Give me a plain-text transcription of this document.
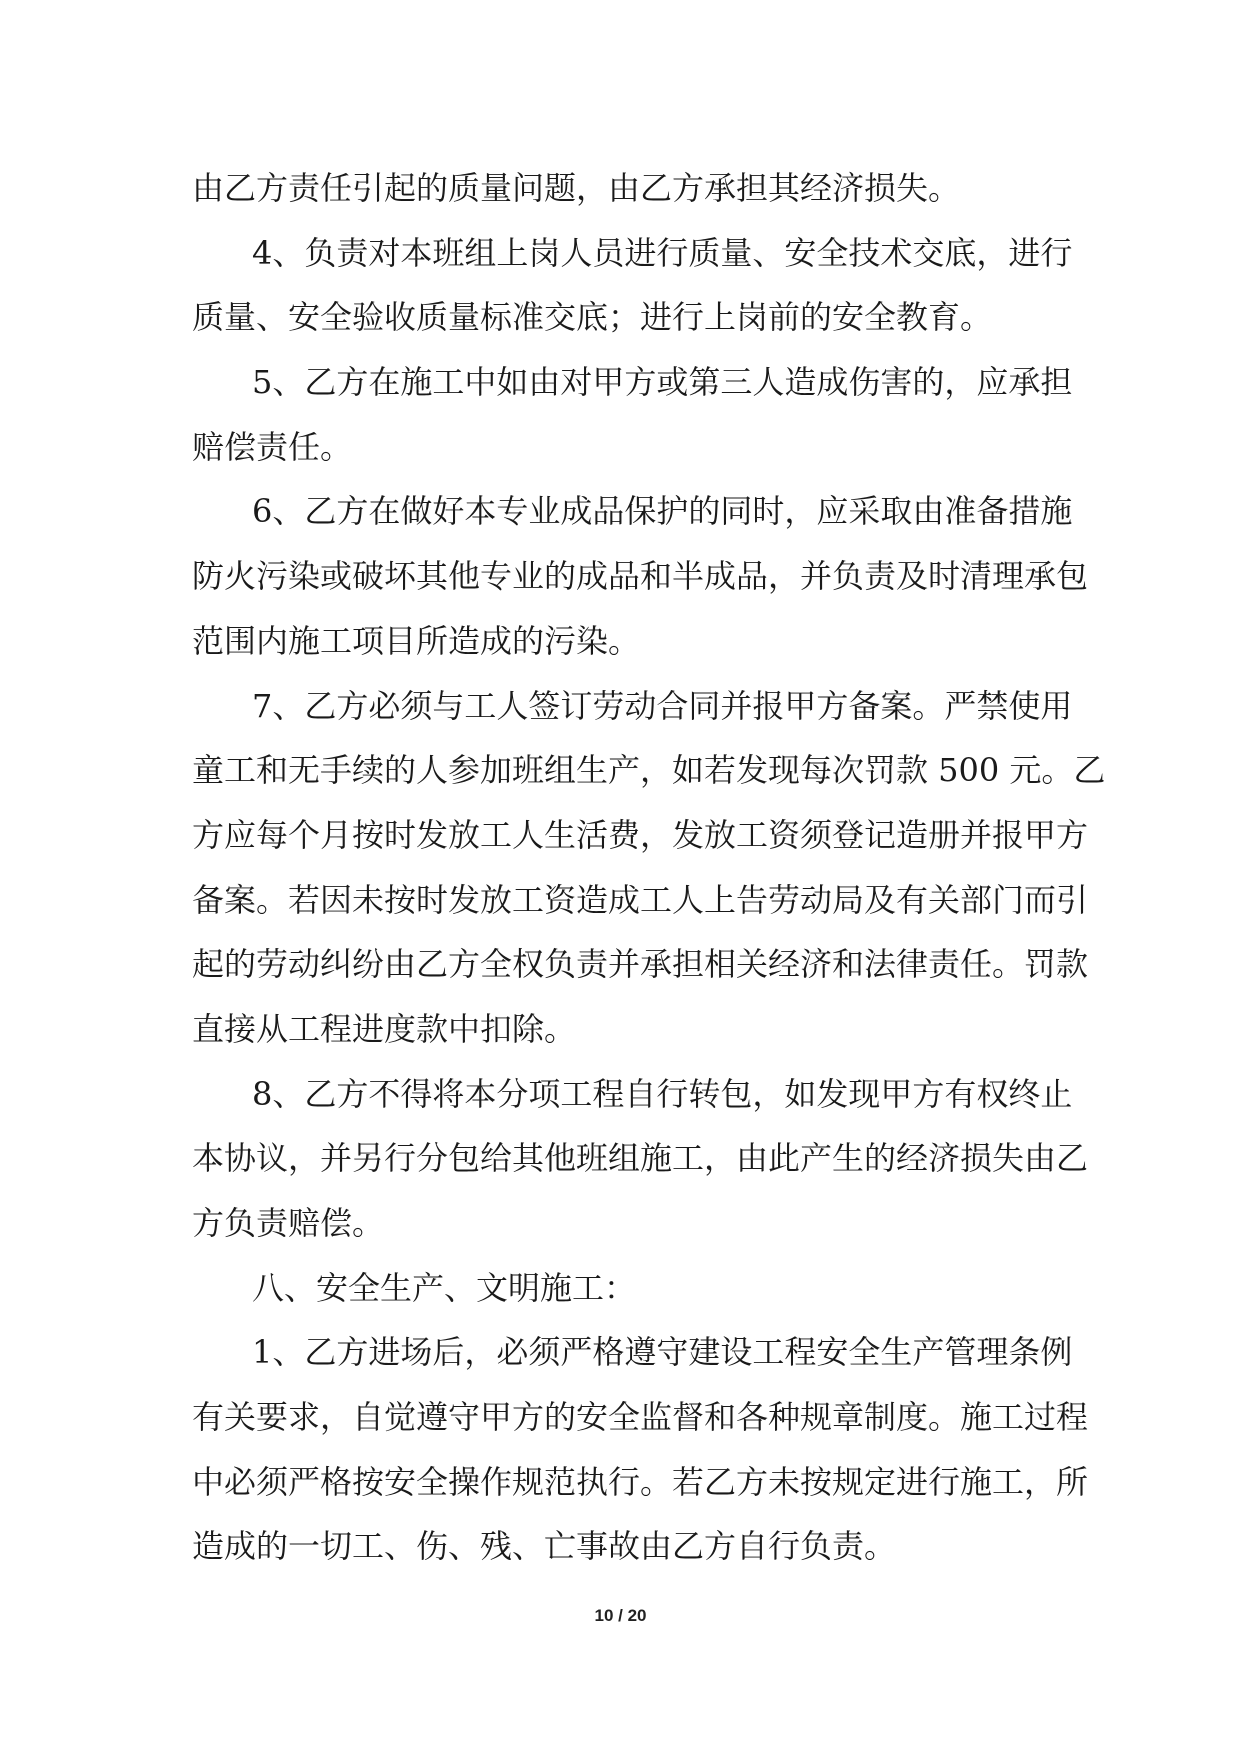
由乙方责任引起的质量问题，由乙方承担其经济损失。
4、负责对本班组上岗人员进行质量、安全技术交底，进行
质量、安全验收质量标准交底；进行上岗前的安全教育。
5、乙方在施工中如由对甲方或第三人造成伤害的，应承担
赔偿责任。
6、乙方在做好本专业成品保护的同时，应采取由准备措施
防火污染或破坏其他专业的成品和半成品，并负责及时清理承包
范围内施工项目所造成的污染。
7、乙方必须与工人签订劳动合同并报甲方备案。严禁使用
童工和无手续的人参加班组生产，如若发现每次罚款 500 元。乙
方应每个月按时发放工人生活费，发放工资须登记造册并报甲方
备案。若因未按时发放工资造成工人上告劳动局及有关部门而引
起的劳动纠纷由乙方全权负责并承担相关经济和法律责任。罚款
直接从工程进度款中扣除。
8、乙方不得将本分项工程自行转包，如发现甲方有权终止
本协议，并另行分包给其他班组施工，由此产生的经济损失由乙
方负责赔偿。
八、安全生产、文明施工：
1、乙方进场后，必须严格遵守建设工程安全生产管理条例
有关要求，自觉遵守甲方的安全监督和各种规章制度。施工过程
中必须严格按安全操作规范执行。若乙方未按规定进行施工，所
造成的一切工、伤、残、亡事故由乙方自行负责。
10 / 20
